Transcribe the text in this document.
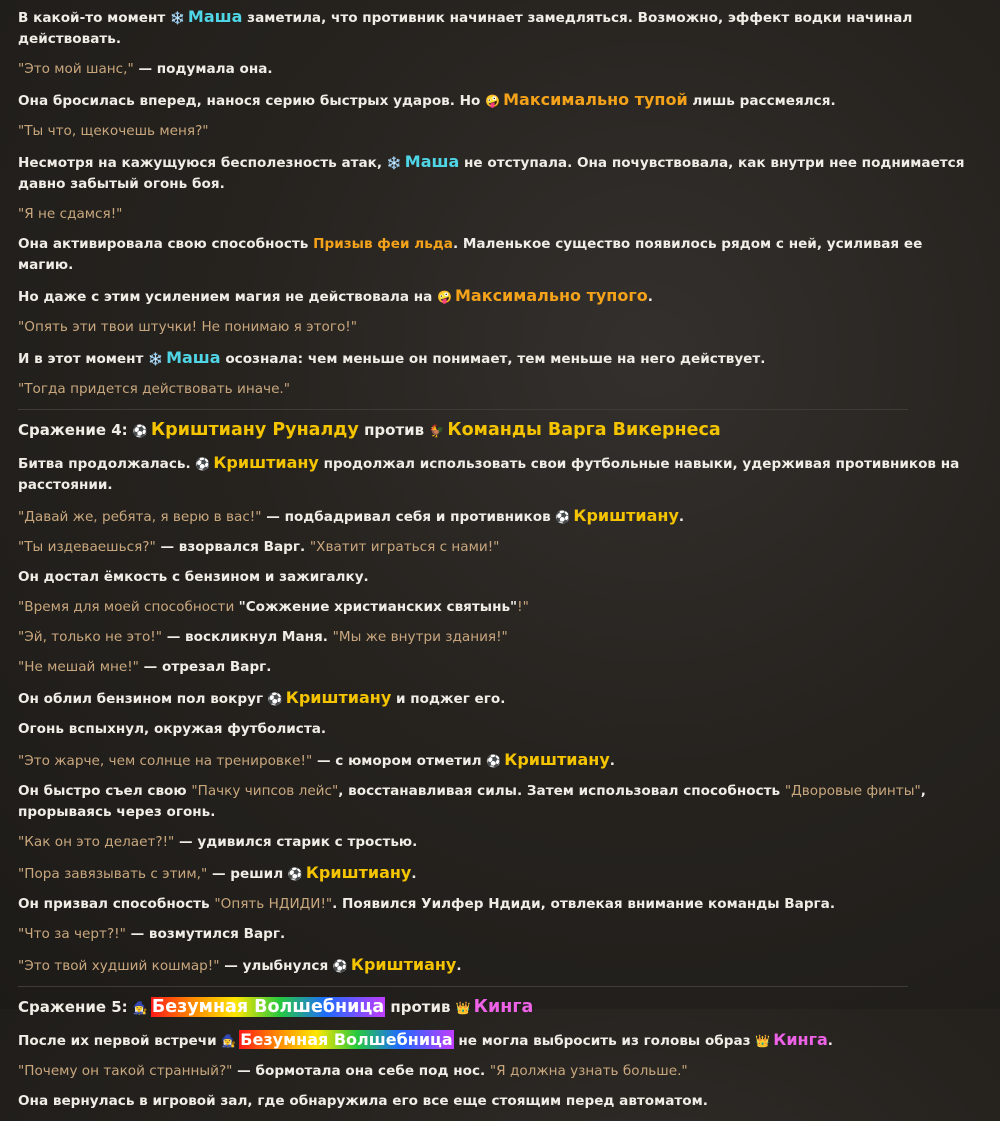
В какой-то момент ❄️ Маша заметила, что противник начинает замедляться. Возможно, эффект водки начинал действовать.
"Это мой шанс," — подумала она.
Она бросилась вперед, нанося серию быстрых ударов. Но 🤪 Максимально тупой лишь рассмеялся.
"Ты что, щекочешь меня?"
Несмотря на кажущуюся бесполезность атак, ❄️ Маша не отступала. Она почувствовала, как внутри нее поднимается давно забытый огонь боя.
"Я не сдамся!"
Она активировала свою способность Призыв феи льда. Маленькое существо появилось рядом с ней, усиливая ее магию.
Но даже с этим усилением магия не действовала на 🤪 Максимально тупого.
"Опять эти твои штучки! Не понимаю я этого!"
И в этот момент ❄️ Маша осознала: чем меньше он понимает, тем меньше на него действует.
"Тогда придется действовать иначе."
Сражение 4: ⚽ Криштиану Руналду против 🐓 Команды Варга Викернеса
Битва продолжалась. ⚽ Криштиану продолжал использовать свои футбольные навыки, удерживая противников на расстоянии.
"Давай же, ребята, я верю в вас!" — подбадривал себя и противников ⚽ Криштиану.
"Ты издеваешься?" — взорвался Варг. "Хватит играться с нами!"
Он достал ёмкость с бензином и зажигалку.
"Время для моей способности "Сожжение христианских святынь"!"
"Эй, только не это!" — воскликнул Маня. "Мы же внутри здания!"
"Не мешай мне!" — отрезал Варг.
Он облил бензином пол вокруг ⚽ Криштиану и поджег его.
Огонь вспыхнул, окружая футболиста.
"Это жарче, чем солнце на тренировке!" — с юмором отметил ⚽ Криштиану.
Он быстро съел свою "Пачку чипсов лейс", восстанавливая силы. Затем использовал способность "Дворовые финты", прорываясь через огонь.
"Как он это делает?!" — удивился старик с тростью.
"Пора завязывать с этим," — решил ⚽ Криштиану.
Он призвал способность "Опять НДИДИ!". Появился Уилфер Ндиди, отвлекая внимание команды Варга.
"Что за черт?!" — возмутился Варг.
"Это твой худший кошмар!" — улыбнулся ⚽ Криштиану.
Сражение 5: 🧙‍♀️ Безумная Волшебница против 👑 Кинга
После их первой встречи 🧙‍♀️ Безумная Волшебница не могла выбросить из головы образ 👑 Кинга.
"Почему он такой странный?" — бормотала она себе под нос. "Я должна узнать больше."
Она вернулась в игровой зал, где обнаружила его все еще стоящим перед автоматом.
